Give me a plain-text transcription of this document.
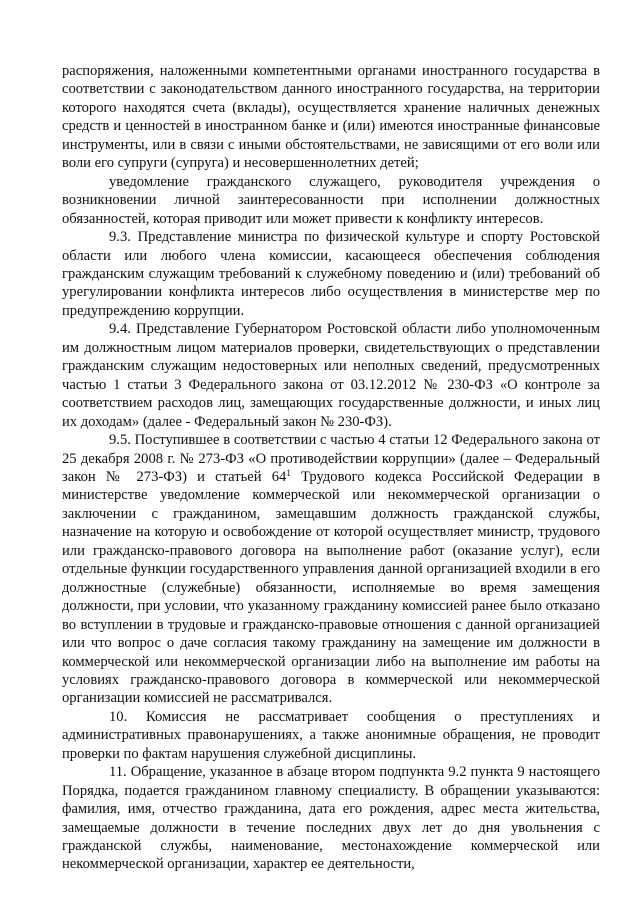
распоряжения, наложенными компетентными органами иностранного государства в соответствии с законодательством данного иностранного государства, на территории которого находятся счета (вклады), осуществляется хранение наличных денежных средств и ценностей в иностранном банке и (или) имеются иностранные финансовые инструменты, или в связи с иными обстоятельствами, не зависящими от его воли или воли его супруги (супруга) и несовершеннолетних детей;

уведомление гражданского служащего, руководителя учреждения о возникновении личной заинтересованности при исполнении должностных обязанностей, которая приводит или может привести к конфликту интересов.

9.3. Представление министра по физической культуре и спорту Ростовской области или любого члена комиссии, касающееся обеспечения соблюдения гражданским служащим требований к служебному поведению и (или) требований об урегулировании конфликта интересов либо осуществления в министерстве мер по предупреждению коррупции.

9.4. Представление Губернатором Ростовской области либо уполномоченным им должностным лицом материалов проверки, свидетельствующих о представлении гражданским служащим недостоверных или неполных сведений, предусмотренных частью 1 статьи 3 Федерального закона от 03.12.2012 № 230-ФЗ «О контроле за соответствием расходов лиц, замещающих государственные должности, и иных лиц их доходам» (далее - Федеральный закон № 230-ФЗ).

9.5. Поступившее в соответствии с частью 4 статьи 12 Федерального закона от 25 декабря 2008 г. № 273-ФЗ «О противодействии коррупции» (далее – Федеральный закон № 273-ФЗ) и статьей $64^1$ Трудового кодекса Российской Федерации в министерстве уведомление коммерческой или некоммерческой организации о заключении с гражданином, замещавшим должность гражданской службы, назначение на которую и освобождение от которой осуществляет министр, трудового или гражданско-правового договора на выполнение работ (оказание услуг), если отдельные функции государственного управления данной организацией входили в его должностные (служебные) обязанности, исполняемые во время замещения должности, при условии, что указанному гражданину комиссией ранее было отказано во вступлении в трудовые и гражданско-правовые отношения с данной организацией или что вопрос о даче согласия такому гражданину на замещение им должности в коммерческой или некоммерческой организации либо на выполнение им работы на условиях гражданско-правового договора в коммерческой или некоммерческой организации комиссией не рассматривался.

10. Комиссия не рассматривает сообщения о преступлениях и административных правонарушениях, а также анонимные обращения, не проводит проверки по фактам нарушения служебной дисциплины.

11. Обращение, указанное в абзаце втором подпункта 9.2 пункта 9 настоящего Порядка, подается гражданином главному специалисту. В обращении указываются: фамилия, имя, отчество гражданина, дата его рождения, адрес места жительства, замещаемые должности в течение последних двух лет до дня увольнения с гражданской службы, наименование, местонахождение коммерческой или некоммерческой организации, характер ее деятельности,
